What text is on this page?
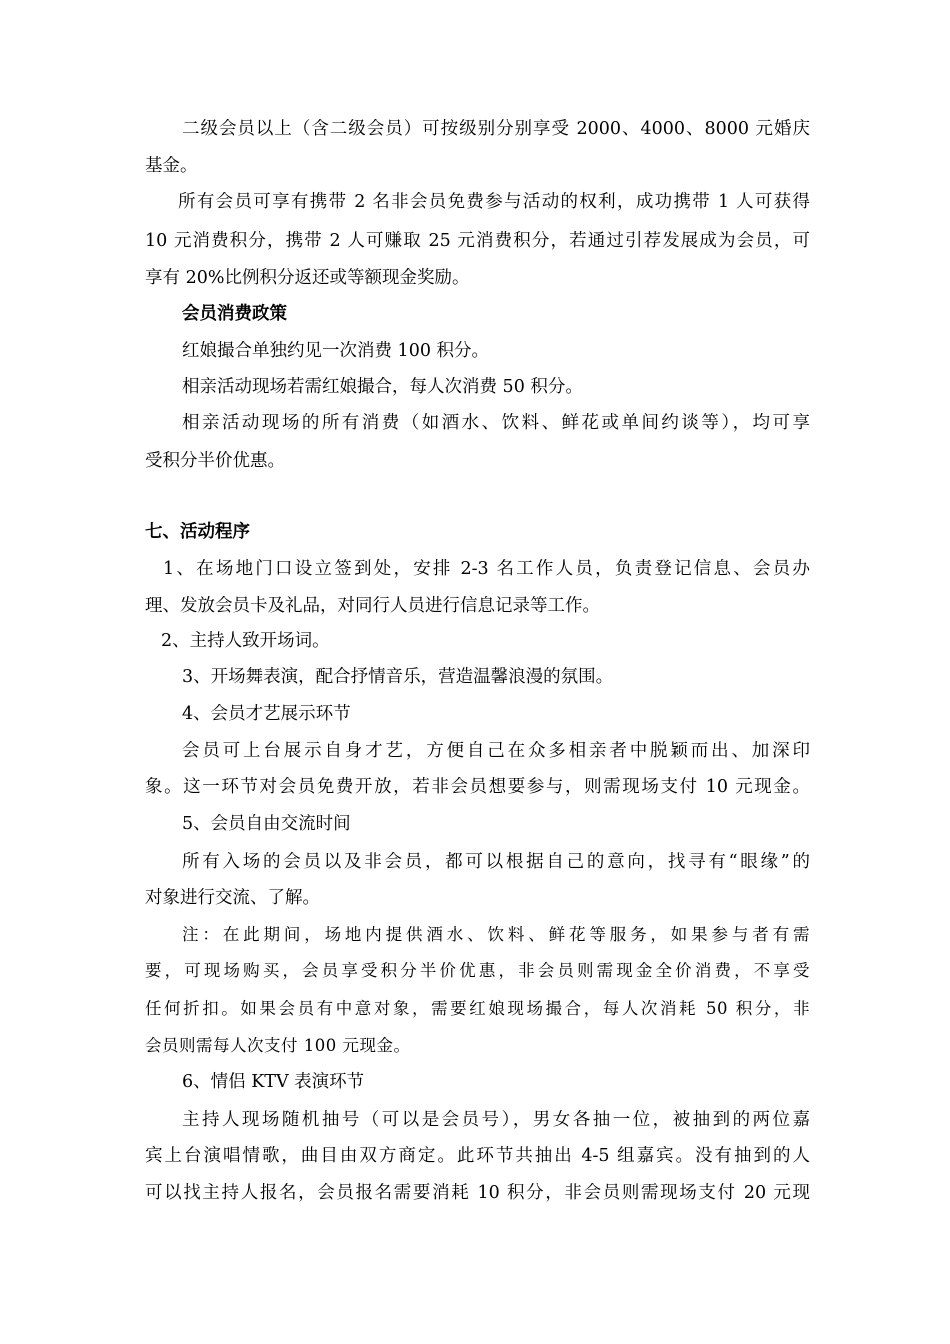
二级会员以上（含二级会员）可按级别分别享受 2000、4000、8000 元婚庆
基金。
所有会员可享有携带 2 名非会员免费参与活动的权利，成功携带 1 人可获得
10 元消费积分，携带 2 人可赚取 25 元消费积分，若通过引荐发展成为会员，可
享有 20%比例积分返还或等额现金奖励。
会员消费政策
红娘撮合单独约见一次消费 100 积分。
相亲活动现场若需红娘撮合，每人次消费 50 积分。
相亲活动现场的所有消费（如酒水、饮料、鲜花或单间约谈等），均可享
受积分半价优惠。
七、活动程序
1、在场地门口设立签到处，安排 2-3 名工作人员，负责登记信息、会员办
理、发放会员卡及礼品，对同行人员进行信息记录等工作。
2、主持人致开场词。
3、开场舞表演，配合抒情音乐，营造温馨浪漫的氛围。
4、会员才艺展示环节
会员可上台展示自身才艺，方便自己在众多相亲者中脱颖而出、加深印
象。这一环节对会员免费开放，若非会员想要参与，则需现场支付 10 元现金。
5、会员自由交流时间
所有入场的会员以及非会员，都可以根据自己的意向，找寻有“眼缘”的
对象进行交流、了解。
注：在此期间，场地内提供酒水、饮料、鲜花等服务，如果参与者有需
要，可现场购买，会员享受积分半价优惠，非会员则需现金全价消费，不享受
任何折扣。如果会员有中意对象，需要红娘现场撮合，每人次消耗 50 积分，非
会员则需每人次支付 100 元现金。
6、情侣 KTV 表演环节
主持人现场随机抽号（可以是会员号），男女各抽一位，被抽到的两位嘉
宾上台演唱情歌，曲目由双方商定。此环节共抽出 4-5 组嘉宾。没有抽到的人
可以找主持人报名，会员报名需要消耗 10 积分，非会员则需现场支付 20 元现
